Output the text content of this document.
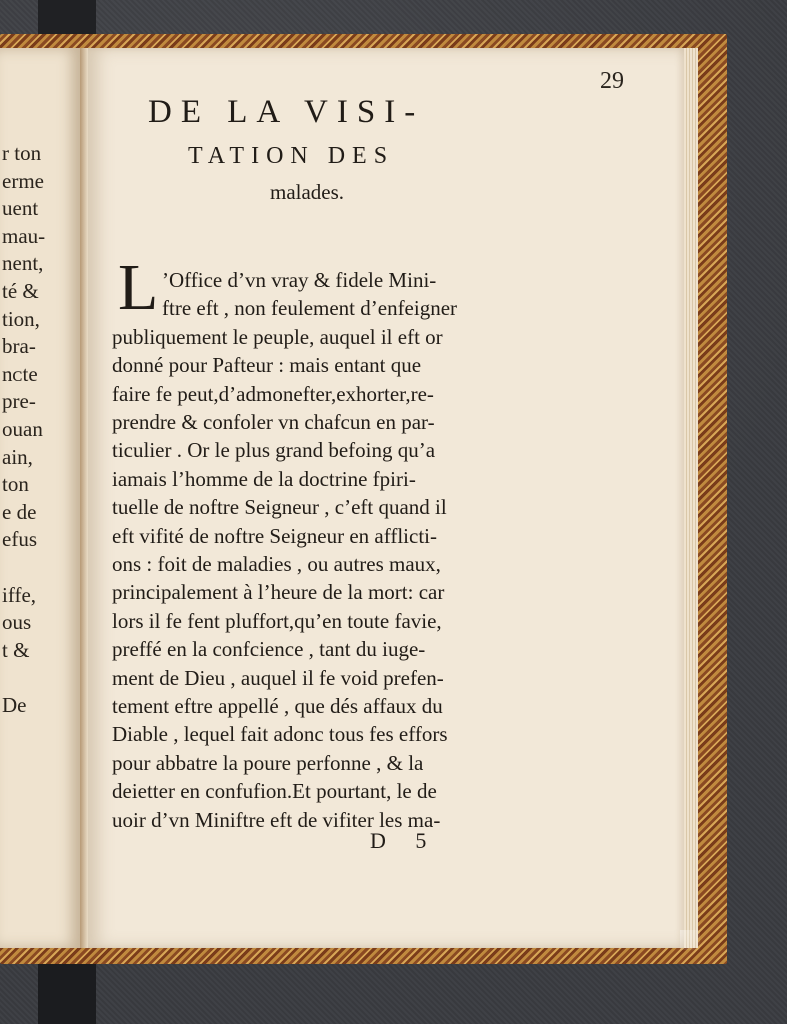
r ton
erme
uent
mau-
nent,
té &
tion,
bra-
nᴄte
pre-
ouan
ain,
ton
e de
efus

iffe,
ous
t &

De
29
DE LA VISI-
TATION DES
malades.
L ’Office d’vn vray & fidele Mini-
ftre eft , non feulement d’enfeigner
publiquement le peuple, auquel il eft or
donné pour Pafteur : mais entant que
faire fe peut,d’admonefter,exhorter,re-
prendre & confoler vn chafcun en par-
ticulier . Or le plus grand befoing qu’a
iamais l’homme de la doctrine fpiri-
tuelle de noftre Seigneur , c’eft quand il
eft vifité de noftre Seigneur en afflicti-
ons : foit de maladies , ou autres maux,
principalement à l’heure de la mort: car
lors il fe fent pluffort,qu’en toute favie,
preffé en la confcience , tant du iuge-
ment de Dieu , auquel il fe void prefen-
tement eftre appellé , que dés affaux du
Diable , lequel fait adonc tous fes effors
pour abbatre la poure perfonne , & la
deietter en confufion.Et pourtant, le de
uoir d’vn Miniftre eft de vifiter les ma-
D 5
